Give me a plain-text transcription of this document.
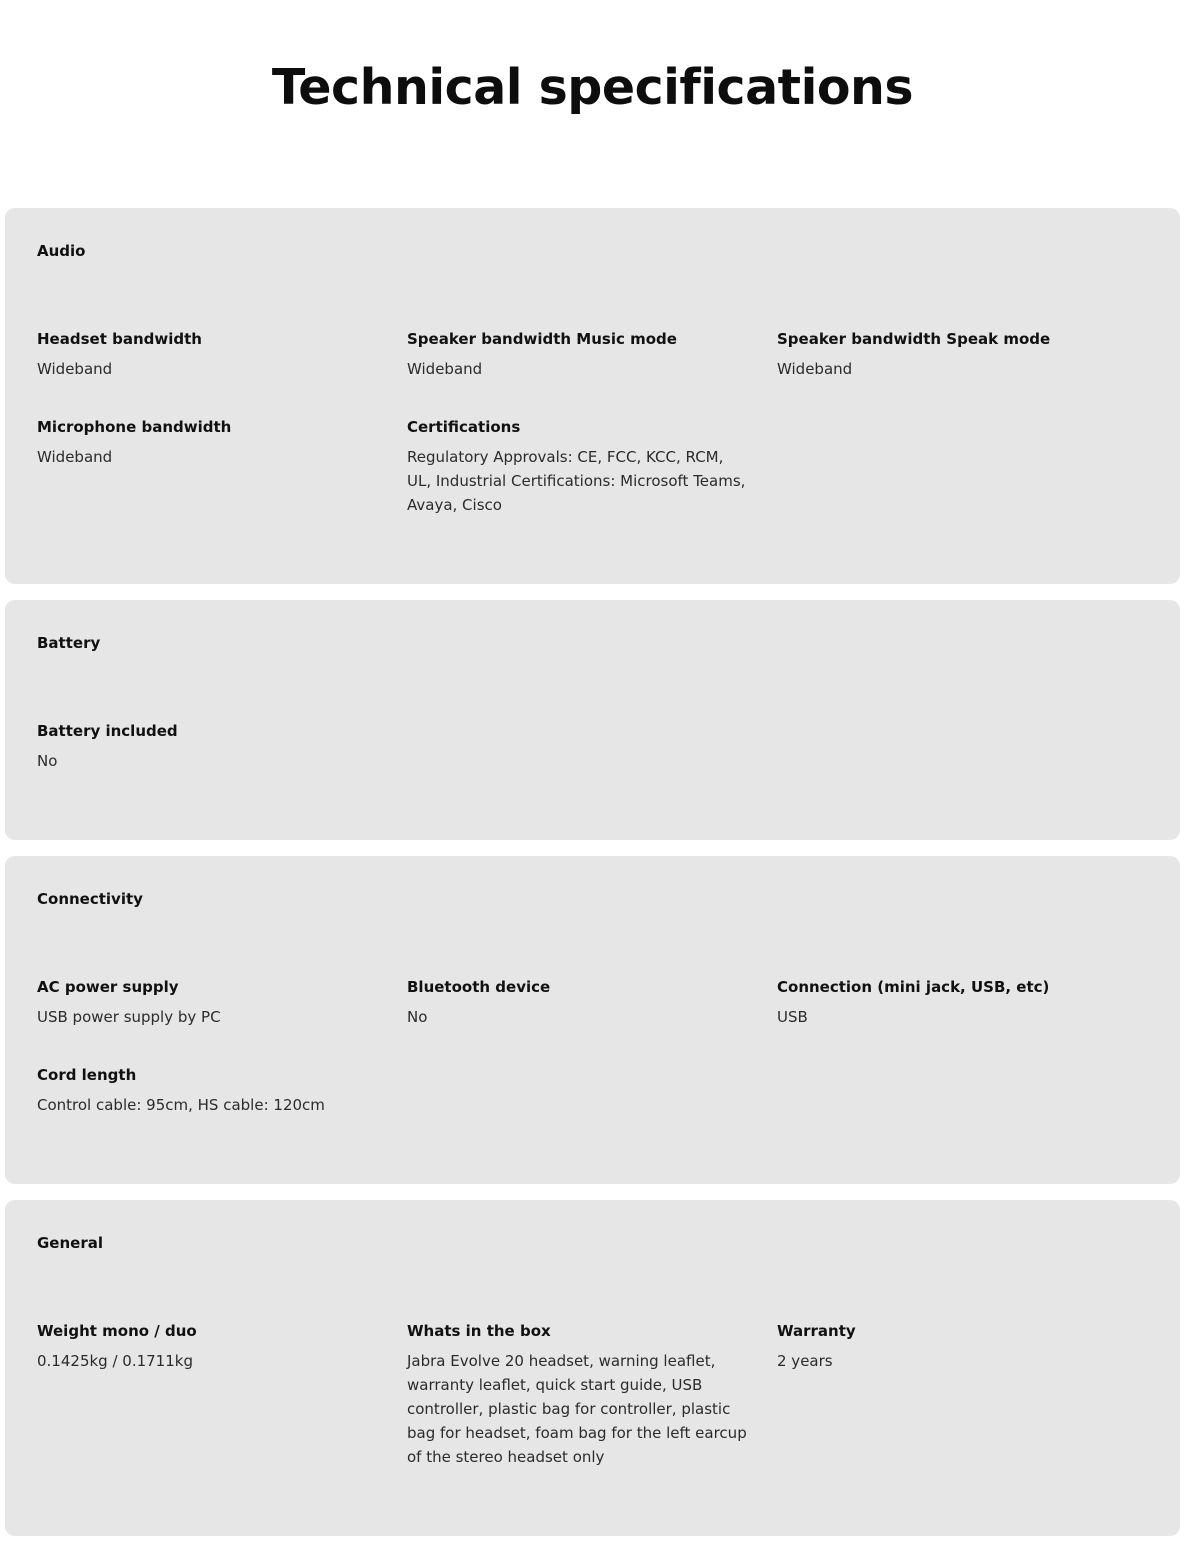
Technical specifications
Audio
Headset bandwidth
Wideband
Speaker bandwidth Music mode
Wideband
Speaker bandwidth Speak mode
Wideband
Microphone bandwidth
Wideband
Certifications
Regulatory Approvals: CE, FCC, KCC, RCM, UL, Industrial Certifications: Microsoft Teams, Avaya, Cisco
Battery
Battery included
No
Connectivity
AC power supply
USB power supply by PC
Bluetooth device
No
Connection (mini jack, USB, etc)
USB
Cord length
Control cable: 95cm, HS cable: 120cm
General
Weight mono / duo
0.1425kg / 0.1711kg
Whats in the box
Jabra Evolve 20 headset, warning leaflet, warranty leaflet, quick start guide, USB controller, plastic bag for controller, plastic bag for headset, foam bag for the left earcup of the stereo headset only
Warranty
2 years
